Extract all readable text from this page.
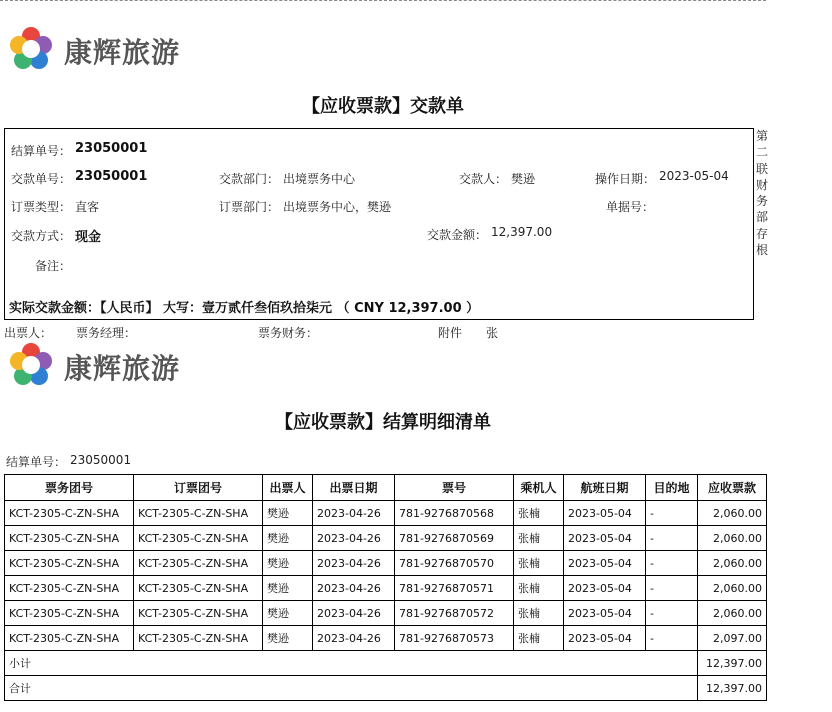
康辉旅游
【应收票款】交款单
结算单号： 23050001
交款单号： 23050001	交款部门： 出境票务中心	交款人： 樊逊	操作日期： 2023-05-04
订票类型： 直客	订票部门： 出境票务中心，樊逊	单据号：
交款方式： 现金	交款金额： 12,397.00
备注：
实际交款金额：【人民币】 大写：壹万贰仟叁佰玖拾柒元 （ CNY 12,397.00 ）
第二联财务部存根
出票人： 票务经理：	票务财务：	附件 张
康辉旅游
【应收票款】结算明细清单
结算单号： 23050001
票务团号	订票团号	出票人	出票日期	票号	乘机人	航班日期	目的地	应收票款
KCT-2305-C-ZN-SHA	KCT-2305-C-ZN-SHA	樊逊	2023-04-26	781-9276870568	张楠	2023-05-04	-	2,060.00
KCT-2305-C-ZN-SHA	KCT-2305-C-ZN-SHA	樊逊	2023-04-26	781-9276870569	张楠	2023-05-04	-	2,060.00
KCT-2305-C-ZN-SHA	KCT-2305-C-ZN-SHA	樊逊	2023-04-26	781-9276870570	张楠	2023-05-04	-	2,060.00
KCT-2305-C-ZN-SHA	KCT-2305-C-ZN-SHA	樊逊	2023-04-26	781-9276870571	张楠	2023-05-04	-	2,060.00
KCT-2305-C-ZN-SHA	KCT-2305-C-ZN-SHA	樊逊	2023-04-26	781-9276870572	张楠	2023-05-04	-	2,060.00
KCT-2305-C-ZN-SHA	KCT-2305-C-ZN-SHA	樊逊	2023-04-26	781-9276870573	张楠	2023-05-04	-	2,097.00
小计								12,397.00
合计								12,397.00
